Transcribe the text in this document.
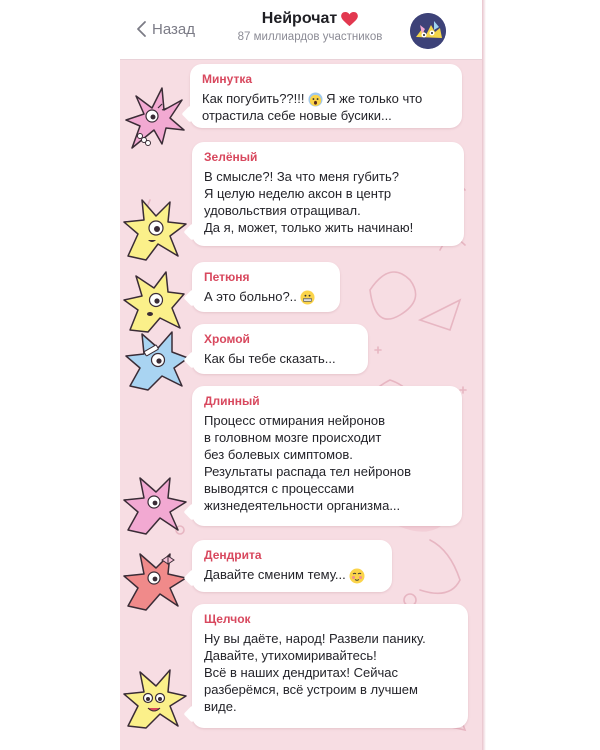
Назад
Нейрочат
87 миллиардов участников
Минутка
Как погубить??!!! Я же только что
отрастила себе новые бусики...
Зелёный
В смысле?! За что меня губить?
Я целую неделю аксон в центр
удовольствия отращивал.
Да я, может, только жить начинаю!
Петюня
А это больно?..
Хромой
Как бы тебе сказать...
Длинный
Процесс отмирания нейронов
в головном мозге происходит
без болевых симптомов.
Результаты распада тел нейронов
выводятся с процессами
жизнедеятельности организма...
Дендрита
Давайте сменим тему...
Щелчок
Ну вы даёте, народ! Развели панику.
Давайте, утихомиривайтесь!
Всё в наших дендритах! Сейчас
разберёмся, всё устроим в лучшем
виде.
